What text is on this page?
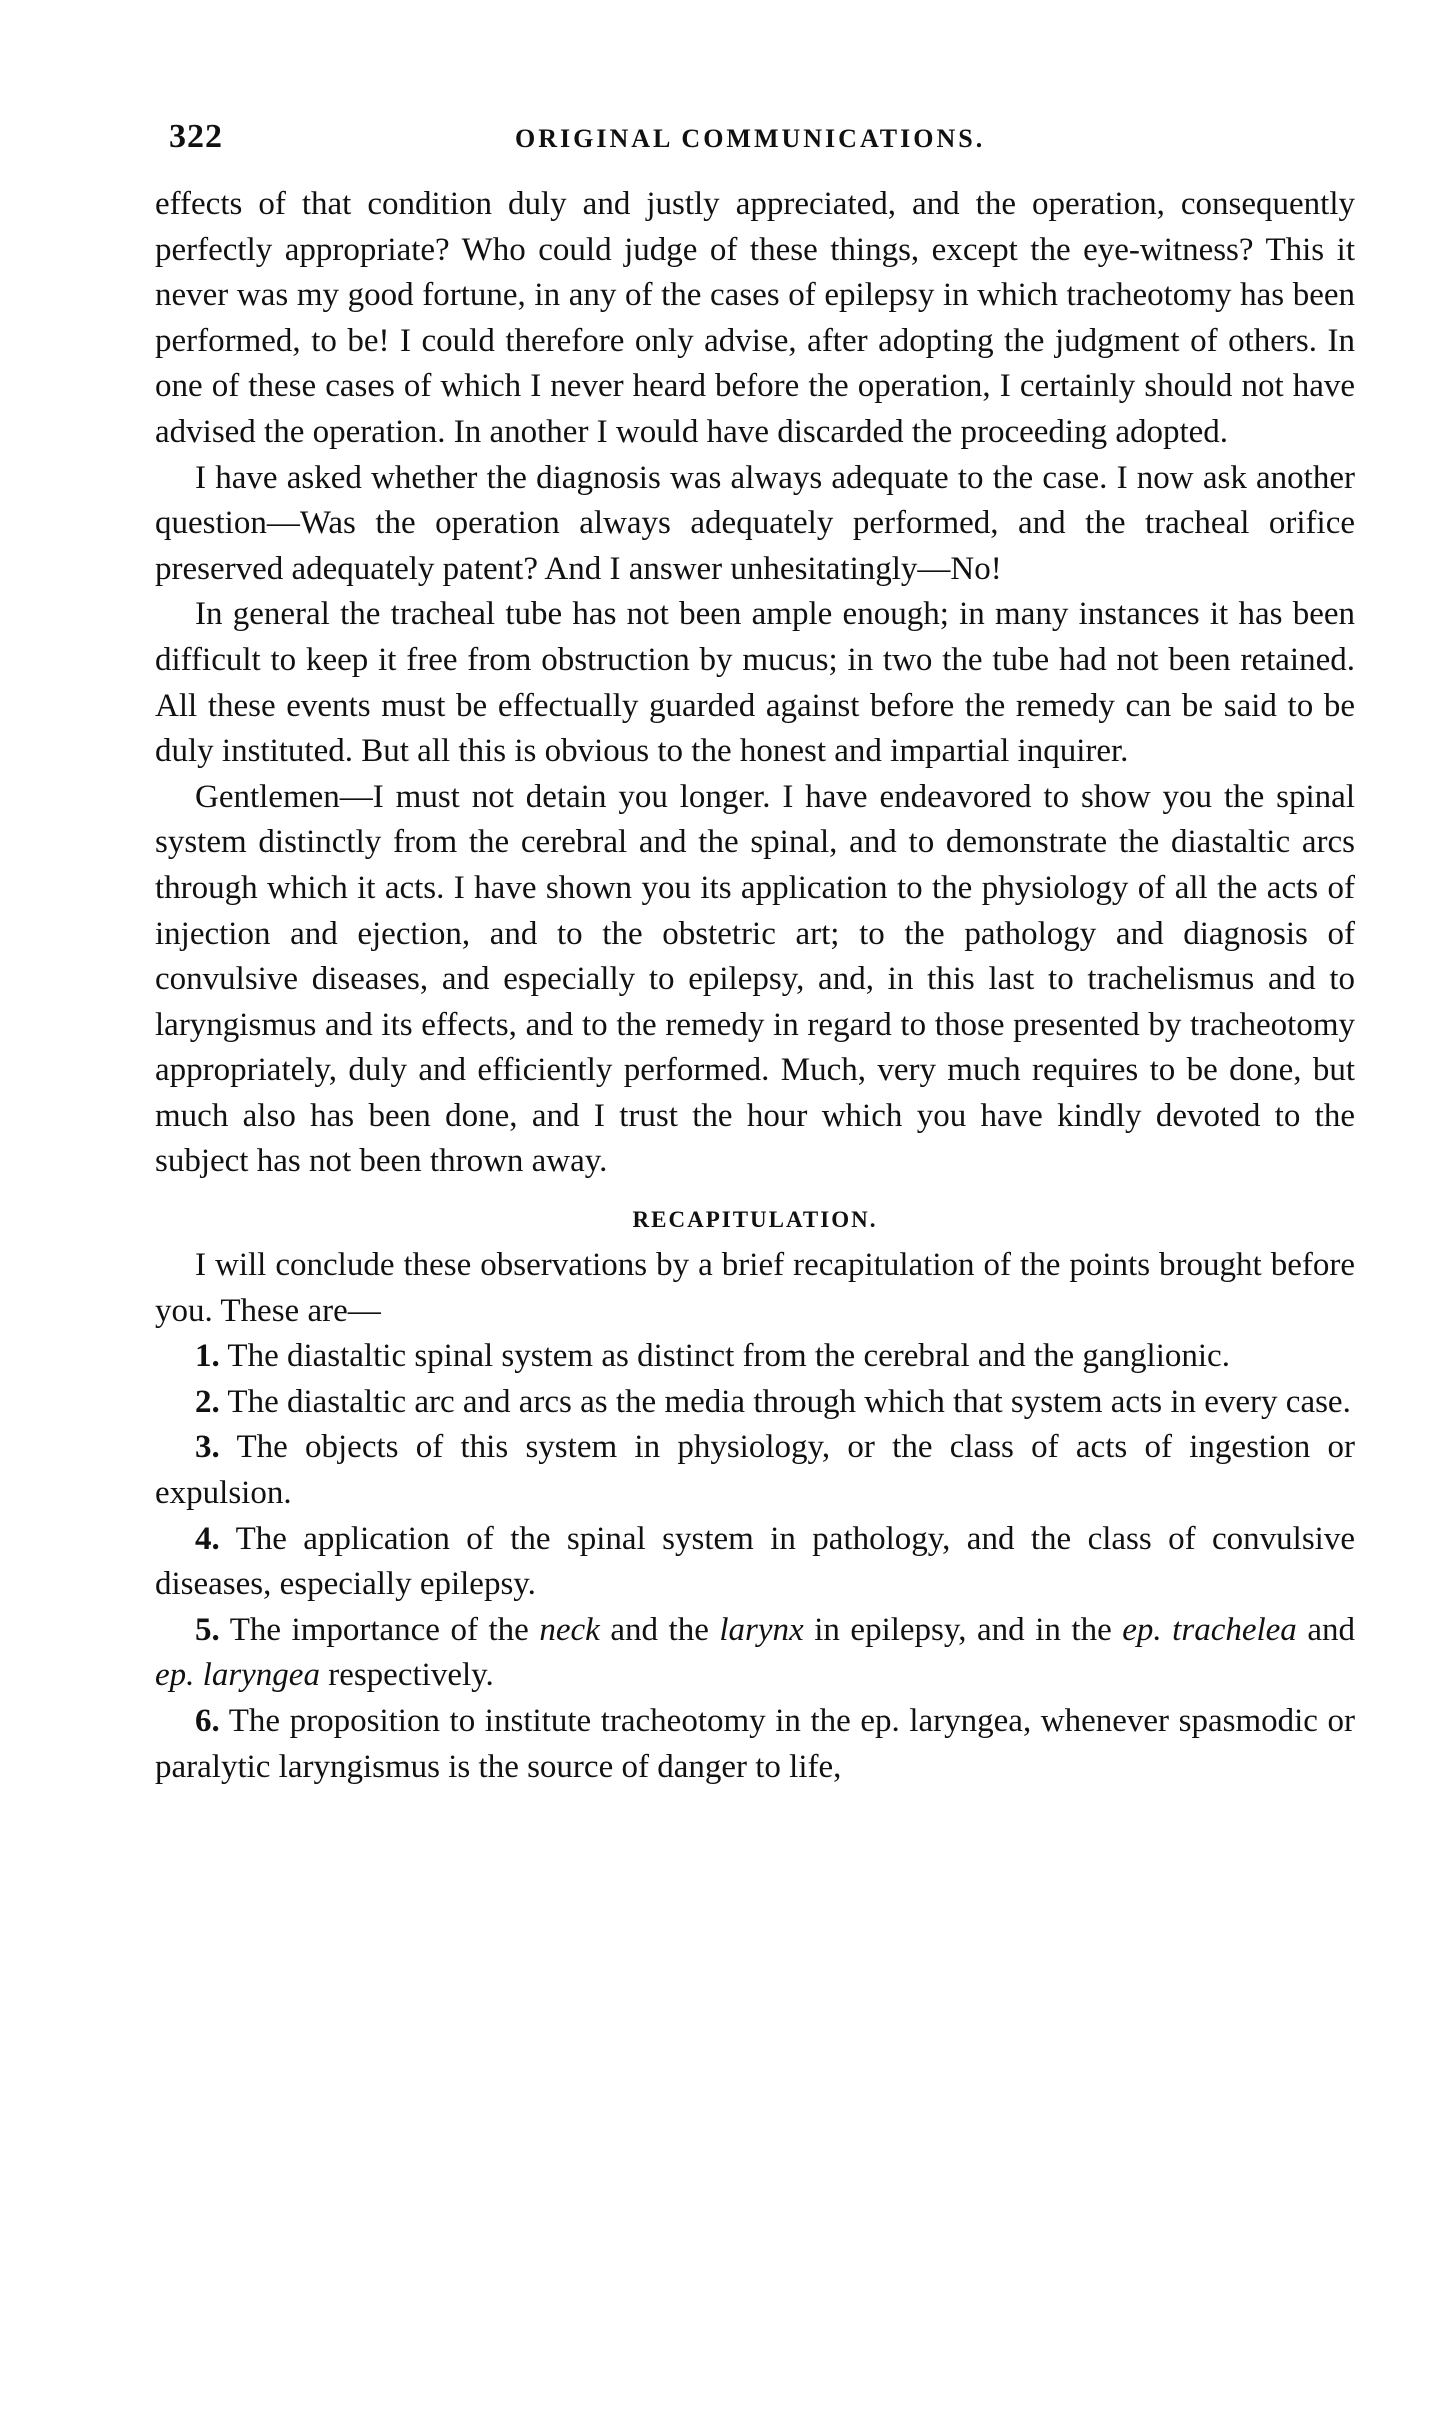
322	ORIGINAL COMMUNICATIONS.

effects of that condition duly and justly appreciated, and the operation, consequently perfectly appropriate? Who could judge of these things, except the eye-witness? This it never was my good fortune, in any of the cases of epilepsy in which tracheotomy has been performed, to be! I could therefore only advise, after adopting the judgment of others. In one of these cases of which I never heard before the operation, I certainly should not have advised the operation. In another I would have discarded the proceeding adopted.

I have asked whether the diagnosis was always adequate to the case. I now ask another question—Was the operation always adequately performed, and the tracheal orifice preserved adequately patent? And I answer unhesitatingly—No!

In general the tracheal tube has not been ample enough; in many instances it has been difficult to keep it free from obstruction by mucus; in two the tube had not been retained. All these events must be effectually guarded against before the remedy can be said to be duly instituted. But all this is obvious to the honest and impartial inquirer.

Gentlemen—I must not detain you longer. I have endeavored to show you the spinal system distinctly from the cerebral and the spinal, and to demonstrate the diastaltic arcs through which it acts. I have shown you its application to the physiology of all the acts of injection and ejection, and to the obstetric art; to the pathology and diagnosis of convulsive diseases, and especially to epilepsy, and, in this last to trachelismus and to laryngismus and its effects, and to the remedy in regard to those presented by tracheotomy appropriately, duly and efficiently performed. Much, very much requires to be done, but much also has been done, and I trust the hour which you have kindly devoted to the subject has not been thrown away.

RECAPITULATION.

I will conclude these observations by a brief recapitulation of the points brought before you. These are—

1. The diastaltic spinal system as distinct from the cerebral and the ganglionic.
2. The diastaltic arc and arcs as the media through which that system acts in every case.
3. The objects of this system in physiology, or the class of acts of ingestion or expulsion.
4. The application of the spinal system in pathology, and the class of convulsive diseases, especially epilepsy.
5. The importance of the neck and the larynx in epilepsy, and in the ep. trachelea and ep. laryngea respectively.
6. The proposition to institute tracheotomy in the ep. laryngea, whenever spasmodic or paralytic laryngismus is the source of danger to life,
